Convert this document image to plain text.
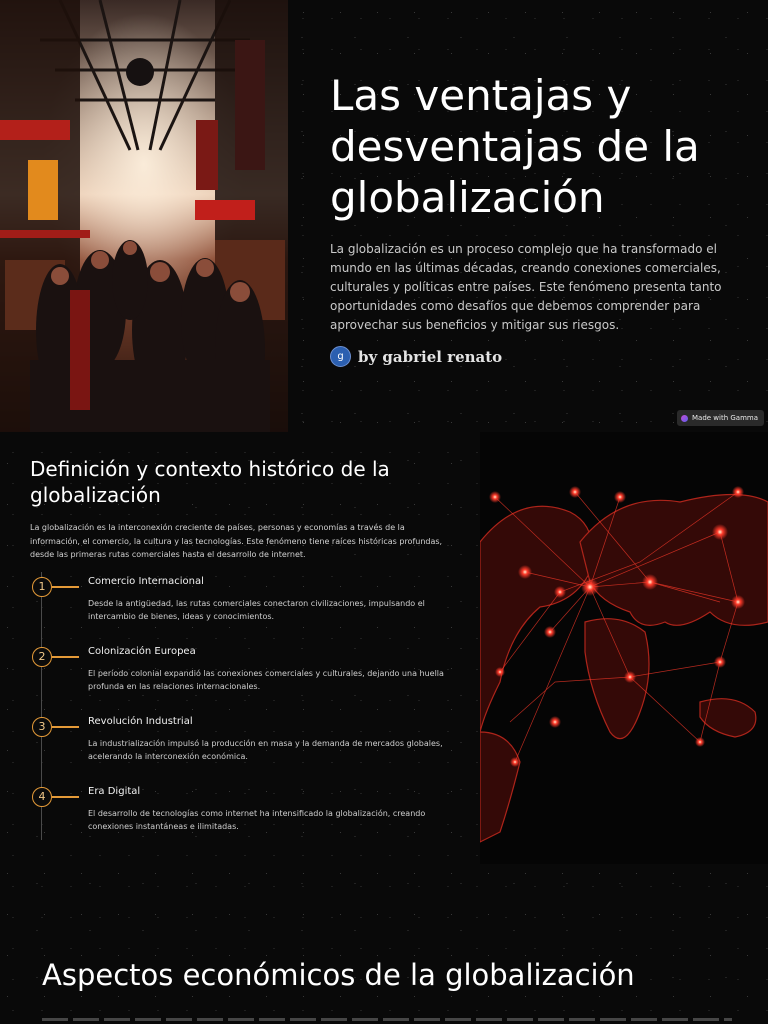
Las ventajas y desventajas de la globalización

La globalización es un proceso complejo que ha transformado el mundo en las últimas décadas, creando conexiones comerciales, culturales y políticas entre países. Este fenómeno presenta tanto oportunidades como desafíos que debemos comprender para aprovechar sus beneficios y mitigar sus riesgos.

g by gabriel renato
Made with Gamma
Definición y contexto histórico de la globalización

La globalización es la interconexión creciente de países, personas y economías a través de la información, el comercio, la cultura y las tecnologías. Este fenómeno tiene raíces históricas profundas, desde las primeras rutas comerciales hasta el desarrollo de internet.

1	Comercio Internacional

Desde la antigüedad, las rutas comerciales conectaron civilizaciones, impulsando el intercambio de bienes, ideas y conocimientos.

2	Colonización Europea

El período colonial expandió las conexiones comerciales y culturales, dejando una huella profunda en las relaciones internacionales.

3	Revolución Industrial

La industrialización impulsó la producción en masa y la demanda de mercados globales, acelerando la interconexión económica.

4	Era Digital

El desarrollo de tecnologías como internet ha intensificado la globalización, creando conexiones instantáneas e ilimitadas.

Aspectos económicos de la globalización
